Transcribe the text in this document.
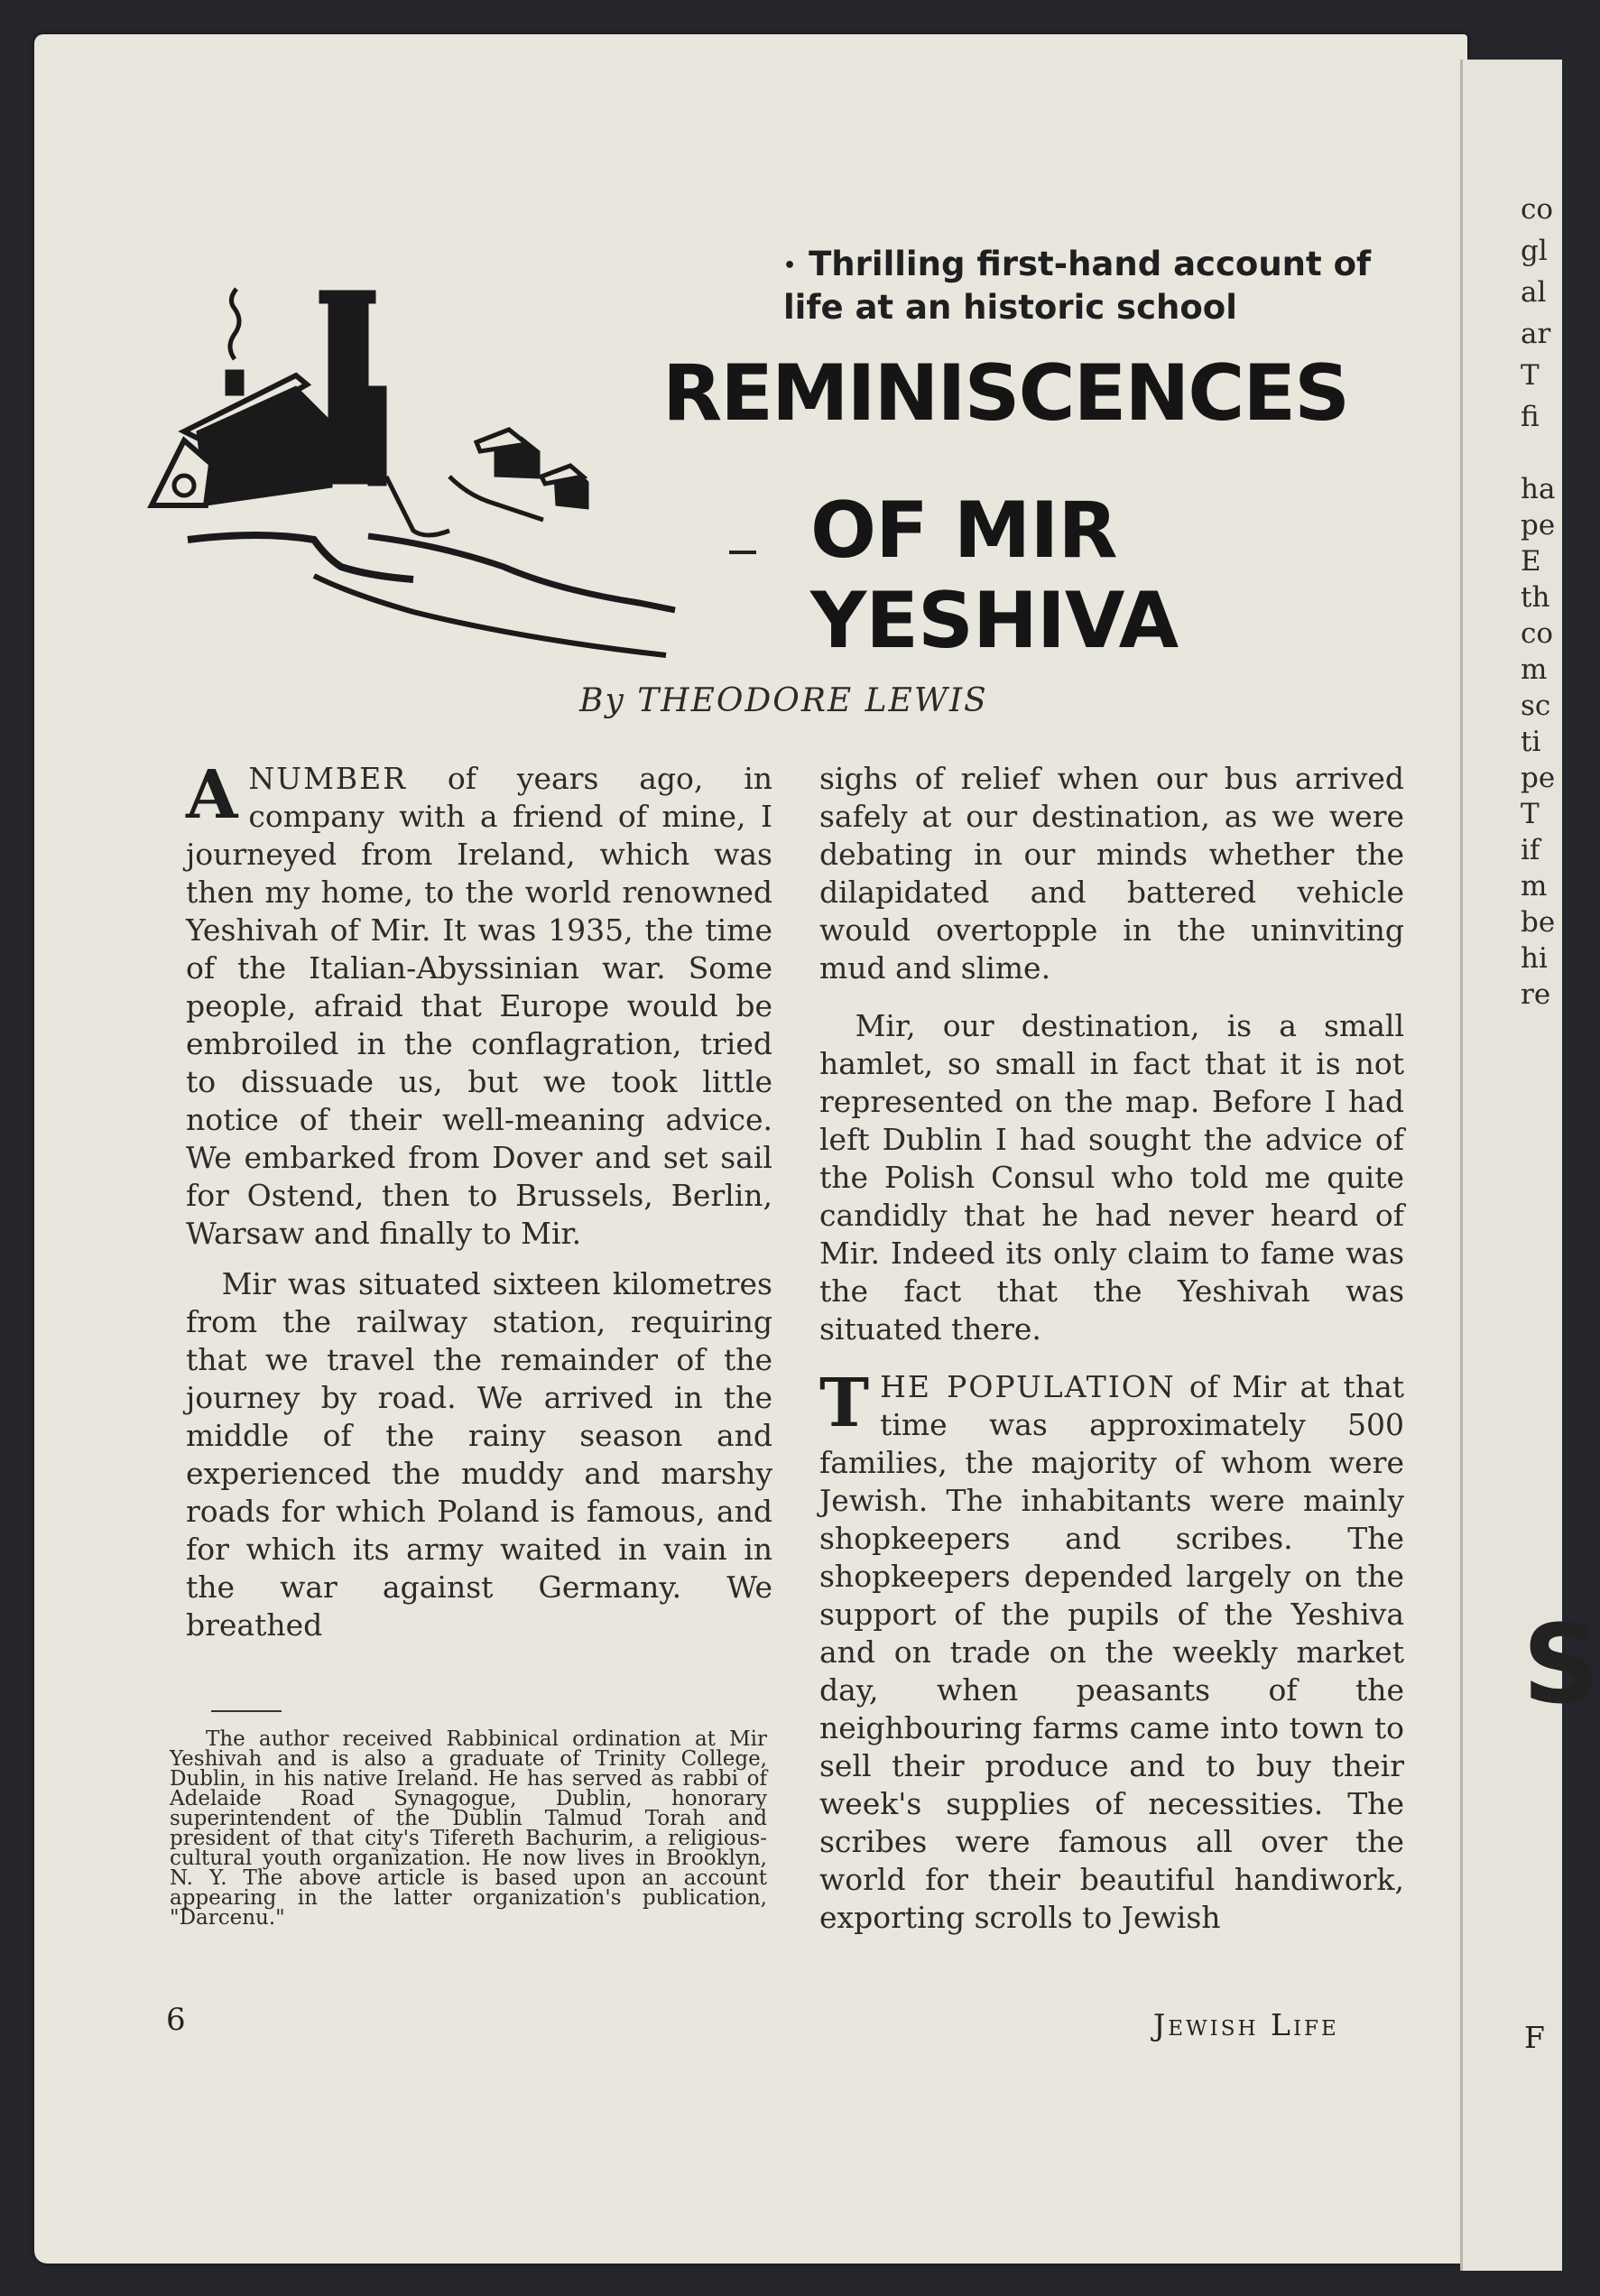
• Thrilling first-hand account of life at an historic school
REMINISCENCES
OF MIR YESHIVA
By THEODORE LEWIS

ANUMBER of years ago, in company with a friend of mine, I journeyed from Ireland, which was then my home, to the world renowned Yeshivah of Mir. It was 1935, the time of the Italian-Abyssinian war. Some people, afraid that Europe would be embroiled in the conflagration, tried to dissuade us, but we took little notice of their well-meaning advice. We embarked from Dover and set sail for Ostend, then to Brussels, Berlin, Warsaw and finally to Mir.

Mir was situated sixteen kilometres from the railway station, requiring that we travel the remainder of the journey by road. We arrived in the middle of the rainy season and experienced the muddy and marshy roads for which Poland is famous, and for which its army waited in vain in the war against Germany. We breathed

sighs of relief when our bus arrived safely at our destination, as we were debating in our minds whether the dilapidated and battered vehicle would overtopple in the uninviting mud and slime.

Mir, our destination, is a small hamlet, so small in fact that it is not represented on the map. Before I had left Dublin I had sought the advice of the Polish Consul who told me quite candidly that he had never heard of Mir. Indeed its only claim to fame was the fact that the Yeshivah was situated there.

THE POPULATION of Mir at that time was approximately 500 families, the majority of whom were Jewish. The inhabitants were mainly shopkeepers and scribes. The shopkeepers depended largely on the support of the pupils of the Yeshiva and on trade on the weekly market day, when peasants of the neighbouring farms came into town to sell their produce and to buy their week's supplies of necessities. The scribes were famous all over the world for their beautiful handiwork, exporting scrolls to Jewish

The author received Rabbinical ordination at Mir Yeshivah and is also a graduate of Trinity College, Dublin, in his native Ireland. He has served as rabbi of Adelaide Road Synagogue, Dublin, honorary superintendent of the Dublin Talmud Torah and president of that city's Tifereth Bachurim, a religious-cultural youth organization. He now lives in Brooklyn, N. Y. The above article is based upon an account appearing in the latter organization's publication, "Darcenu."

6	Jewish Life
co
gl
al
ar
T
fi
ha
pe
E
th
co
m
sc
ti
pe
T
if
m
be
hi
re
S
F
